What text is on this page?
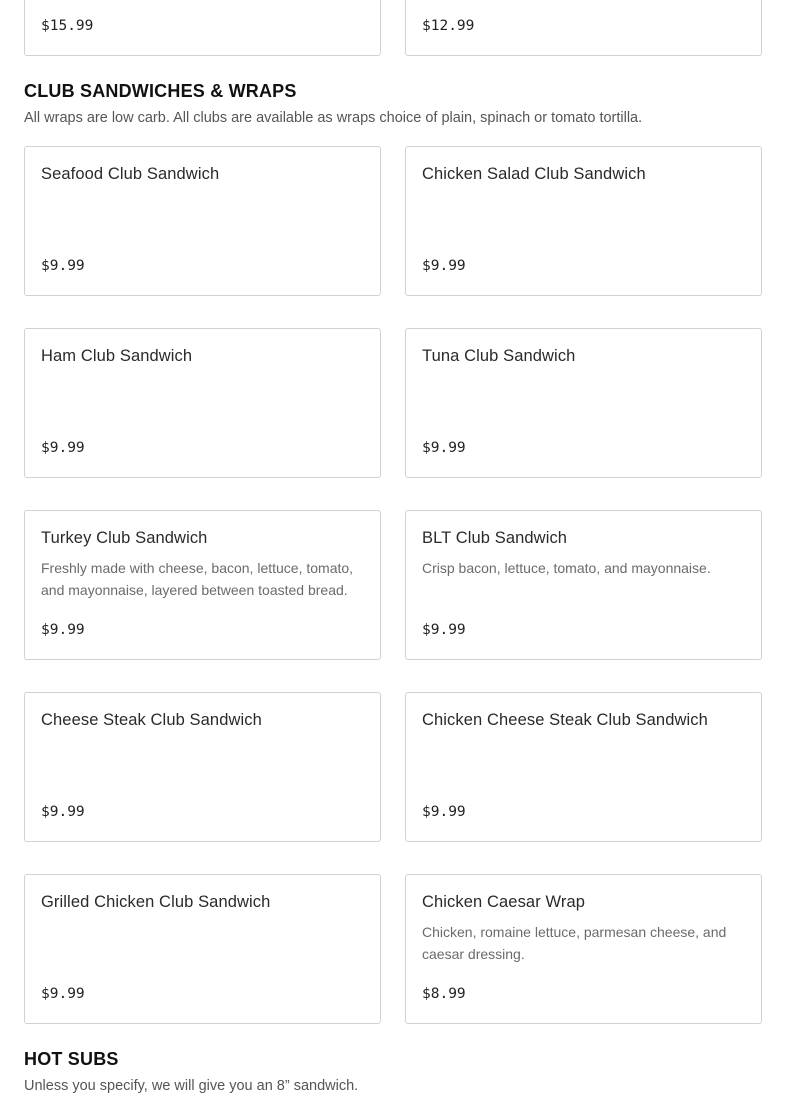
$15.99	$12.99
CLUB SANDWICHES & WRAPS
All wraps are low carb. All clubs are available as wraps choice of plain, spinach or tomato tortilla.
Seafood Club Sandwich
$9.99
Chicken Salad Club Sandwich
$9.99
Ham Club Sandwich
$9.99
Tuna Club Sandwich
$9.99
Turkey Club Sandwich
Freshly made with cheese, bacon, lettuce, tomato, and mayonnaise, layered between toasted bread.
$9.99
BLT Club Sandwich
Crisp bacon, lettuce, tomato, and mayonnaise.
$9.99
Cheese Steak Club Sandwich
$9.99
Chicken Cheese Steak Club Sandwich
$9.99
Grilled Chicken Club Sandwich
$9.99
Chicken Caesar Wrap
Chicken, romaine lettuce, parmesan cheese, and caesar dressing.
$8.99
HOT SUBS
Unless you specify, we will give you an 8” sandwich.
